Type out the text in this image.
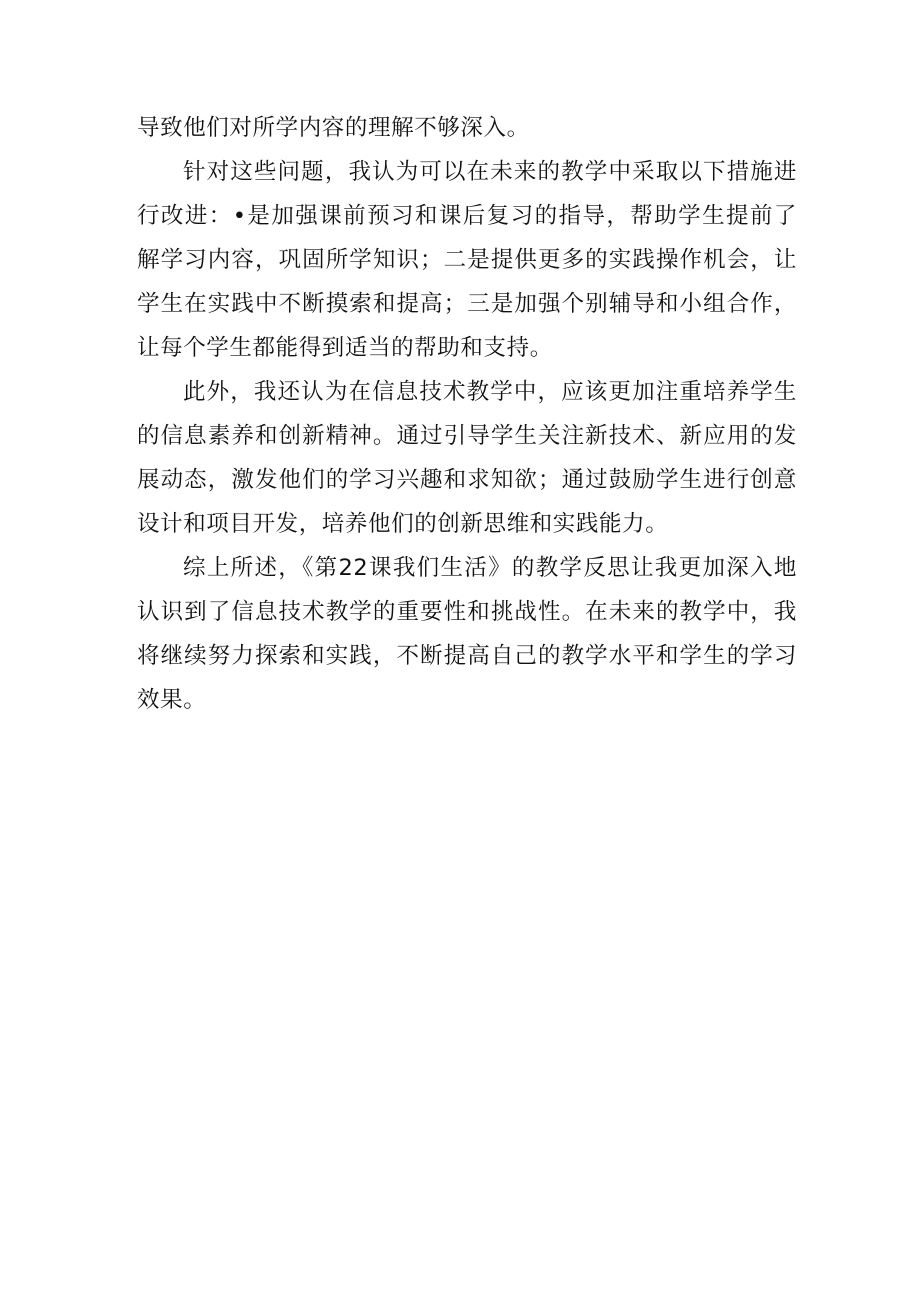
导致他们对所学内容的理解不够深入。

针对这些问题，我认为可以在未来的教学中采取以下措施进行改进：•是加强课前预习和课后复习的指导，帮助学生提前了解学习内容，巩固所学知识；二是提供更多的实践操作机会，让学生在实践中不断摸索和提高；三是加强个别辅导和小组合作，让每个学生都能得到适当的帮助和支持。

此外，我还认为在信息技术教学中，应该更加注重培养学生的信息素养和创新精神。通过引导学生关注新技术、新应用的发展动态，激发他们的学习兴趣和求知欲；通过鼓励学生进行创意设计和项目开发，培养他们的创新思维和实践能力。

综上所述，《第22课我们生活》的教学反思让我更加深入地认识到了信息技术教学的重要性和挑战性。在未来的教学中，我将继续努力探索和实践，不断提高自己的教学水平和学生的学习效果。
